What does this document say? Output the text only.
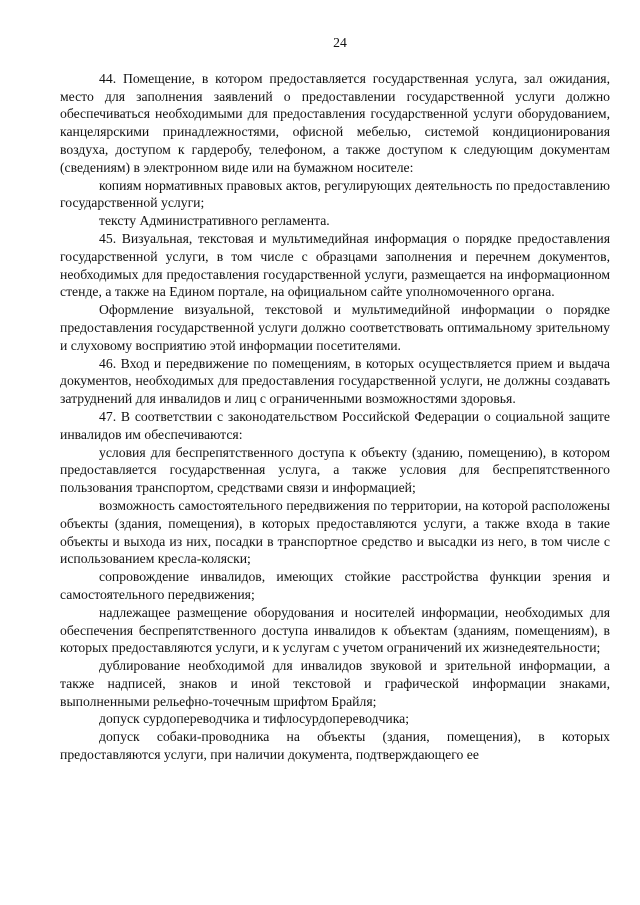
24

44. Помещение, в котором предоставляется государственная услуга, зал ожидания, место для заполнения заявлений о предоставлении государственной услуги должно обеспечиваться необходимыми для предоставления государственной услуги оборудованием, канцелярскими принадлежностями, офисной мебелью, системой кондиционирования воздуха, доступом к гардеробу, телефоном, а также доступом к следующим документам (сведениям) в электронном виде или на бумажном носителе:

копиям нормативных правовых актов, регулирующих деятельность по предоставлению государственной услуги;

тексту Административного регламента.

45. Визуальная, текстовая и мультимедийная информация о порядке предоставления государственной услуги, в том числе с образцами заполнения и перечнем документов, необходимых для предоставления государственной услуги, размещается на информационном стенде, а также на Едином портале, на официальном сайте уполномоченного органа.

Оформление визуальной, текстовой и мультимедийной информации о порядке предоставления государственной услуги должно соответствовать оптимальному зрительному и слуховому восприятию этой информации посетителями.

46. Вход и передвижение по помещениям, в которых осуществляется прием и выдача документов, необходимых для предоставления государственной услуги, не должны создавать затруднений для инвалидов и лиц с ограниченными возможностями здоровья.

47. В соответствии с законодательством Российской Федерации о социальной защите инвалидов им обеспечиваются:

условия для беспрепятственного доступа к объекту (зданию, помещению), в котором предоставляется государственная услуга, а также условия для беспрепятственного пользования транспортом, средствами связи и информацией;

возможность самостоятельного передвижения по территории, на которой расположены объекты (здания, помещения), в которых предоставляются услуги, а также входа в такие объекты и выхода из них, посадки в транспортное средство и высадки из него, в том числе с использованием кресла-коляски;

сопровождение инвалидов, имеющих стойкие расстройства функции зрения и самостоятельного передвижения;

надлежащее размещение оборудования и носителей информации, необходимых для обеспечения беспрепятственного доступа инвалидов к объектам (зданиям, помещениям), в которых предоставляются услуги, и к услугам с учетом ограничений их жизнедеятельности;

дублирование необходимой для инвалидов звуковой и зрительной информации, а также надписей, знаков и иной текстовой и графической информации знаками, выполненными рельефно-точечным шрифтом Брайля;

допуск сурдопереводчика и тифлосурдопереводчика;

допуск собаки-проводника на объекты (здания, помещения), в которых предоставляются услуги, при наличии документа, подтверждающего ее
